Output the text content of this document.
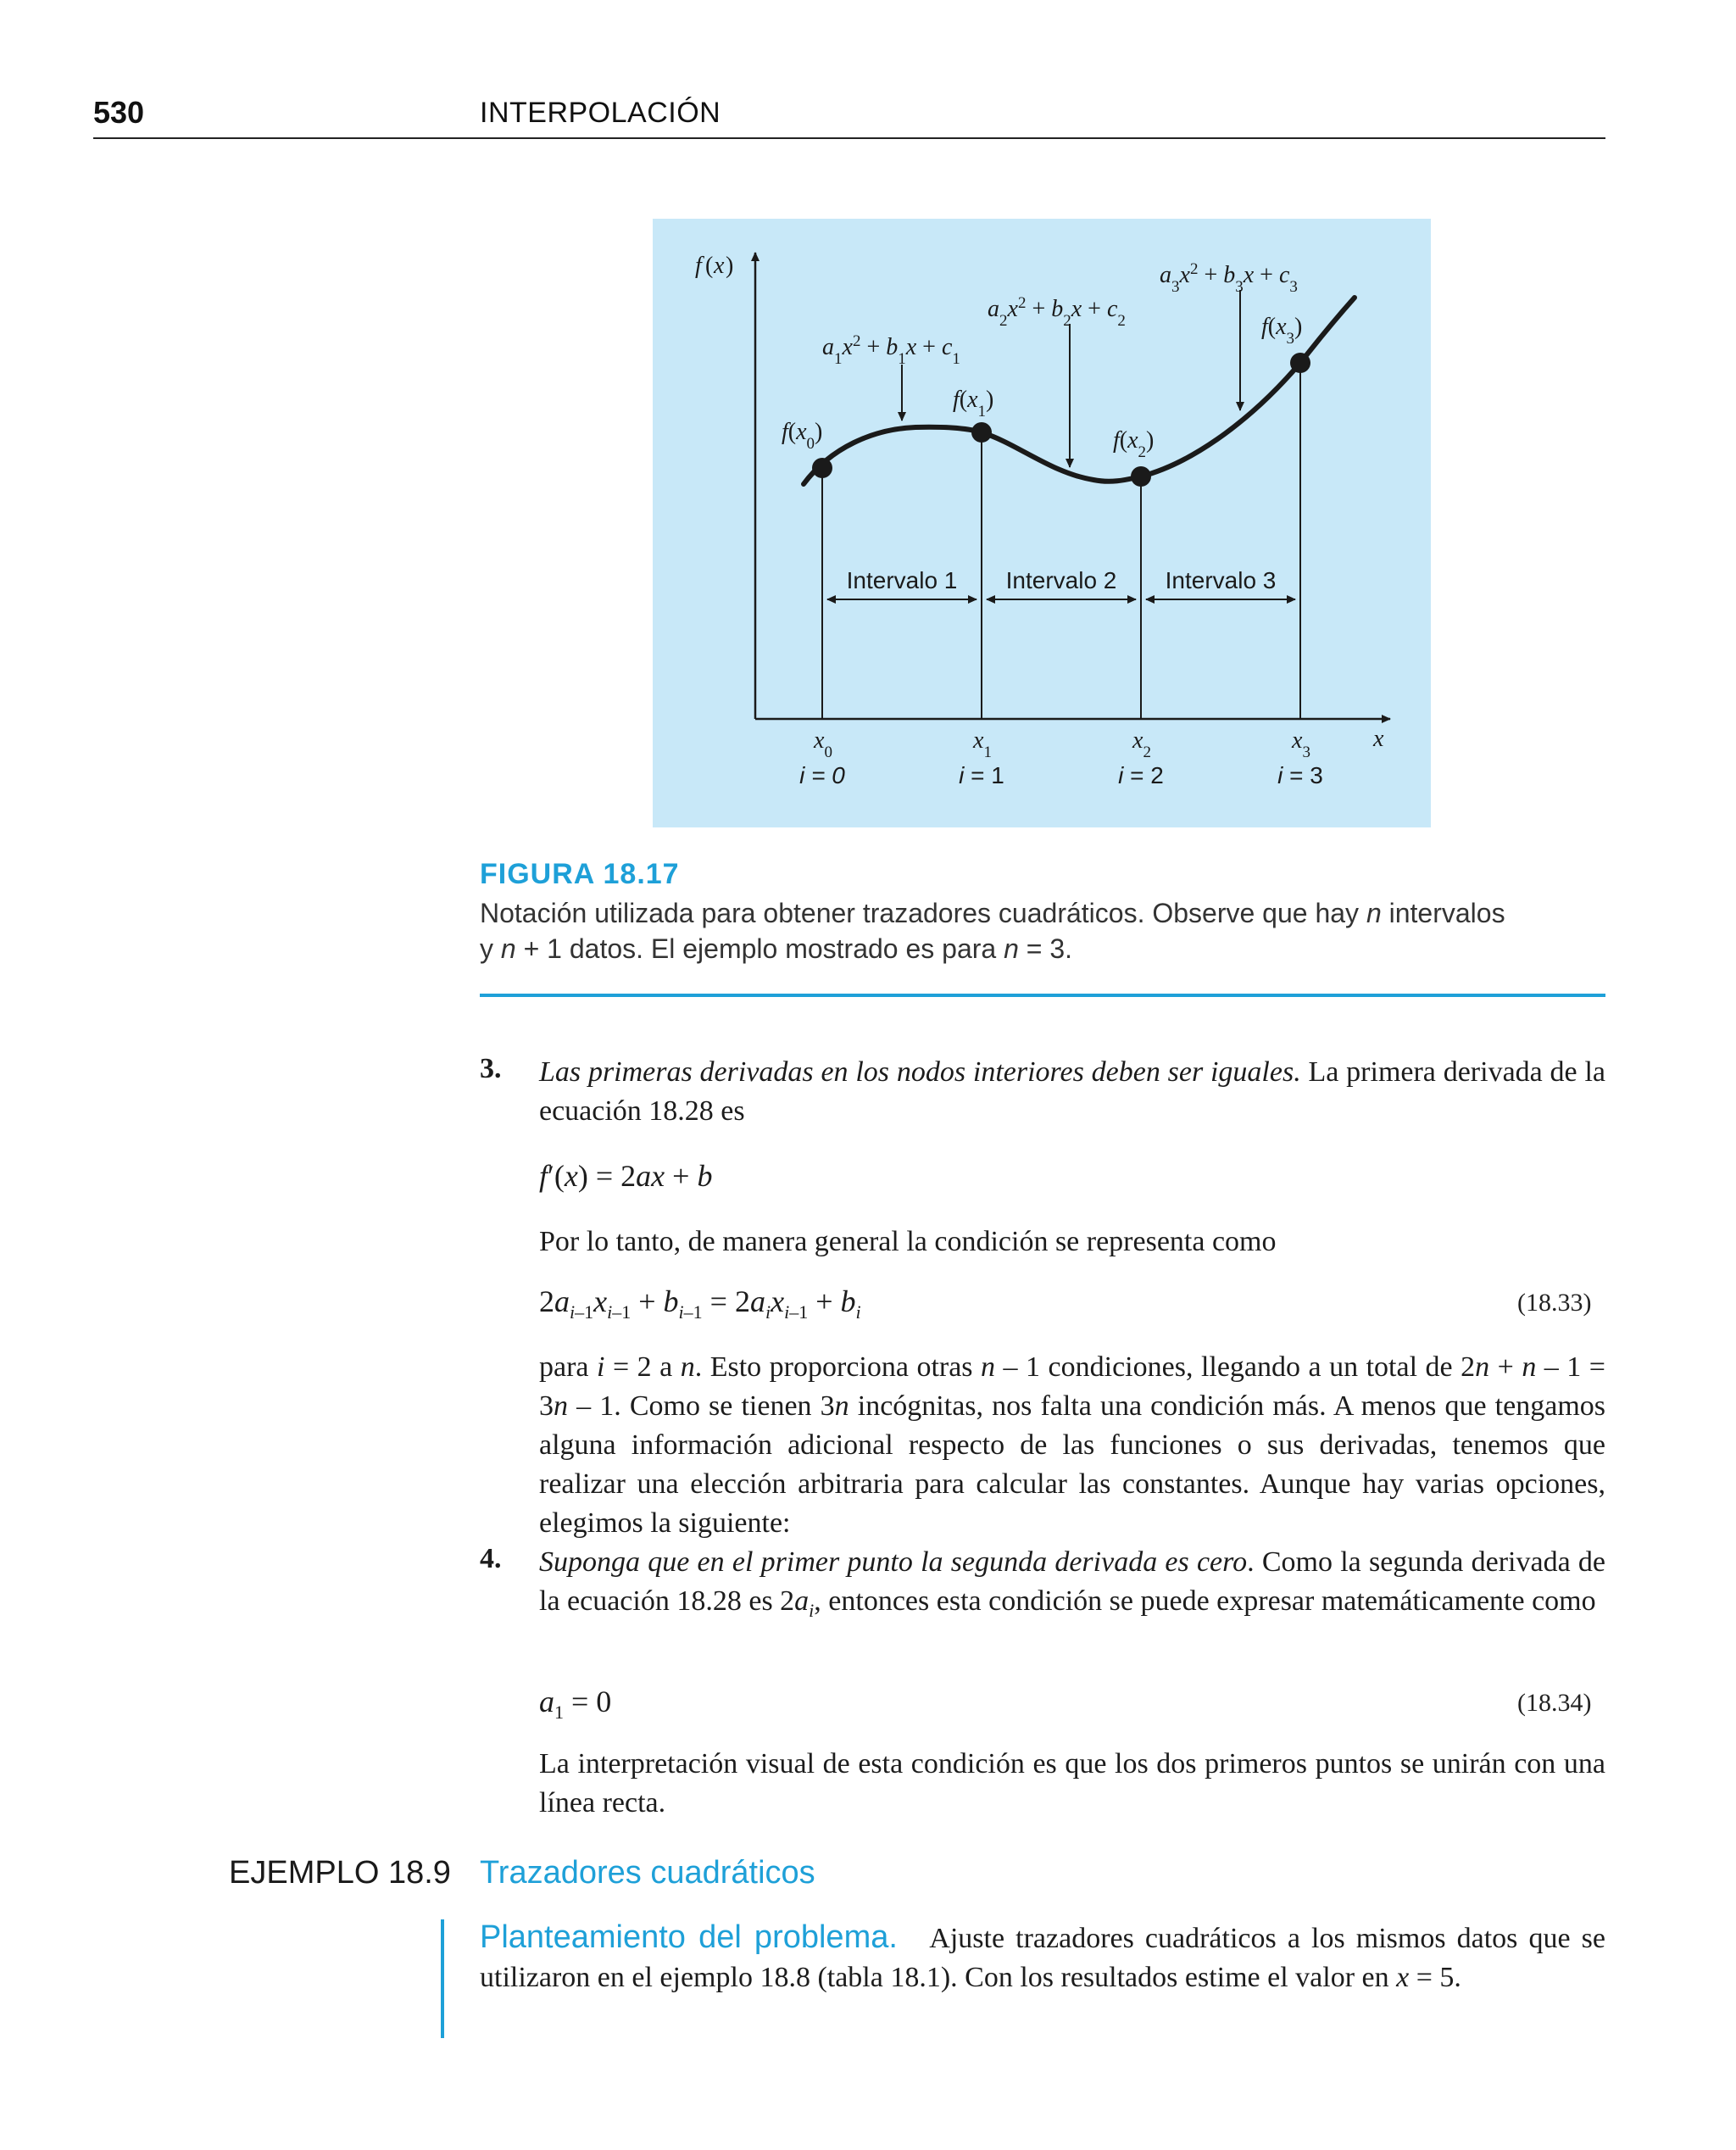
530	INTERPOLACIÓN
f ( x )
x
$a_1x^2 + b_1x + c_1$
$a_2x^2 + b_2x + c_2$
$a_3x^2 + b_3x + c_3$
$f(x_0)$
$f(x_1)$
$f(x_2)$
$f(x_3)$
Intervalo 1 Intervalo 2 Intervalo 3
$x_0$	$x_1$	$x_2$	$x_3$
i = 0	i = 1	i = 2	i = 3
FIGURA 18.17
Notación utilizada para obtener trazadores cuadráticos. Observe que hay n intervalos
y n + 1 datos. El ejemplo mostrado es para n = 3.
3. Las primeras derivadas en los nodos interiores deben ser iguales. La primera derivada de la ecuación 18.28 es
f′(x) = 2ax + b
Por lo tanto, de manera general la condición se representa como
$2a_{i-1}x_{i-1} + b_{i-1} = 2a_ix_{i-1} + b_i$	(18.33)
para i = 2 a n. Esto proporciona otras n – 1 condiciones, llegando a un total de 2n + n – 1 = 3n – 1. Como se tienen 3n incógnitas, nos falta una condición más. A menos que tengamos alguna información adicional respecto de las funciones o sus derivadas, tenemos que realizar una elección arbitraria para calcular las constantes. Aunque hay varias opciones, elegimos la siguiente:
4. Suponga que en el primer punto la segunda derivada es cero. Como la segunda derivada de la ecuación 18.28 es $2a_i$, entonces esta condición se puede expresar matemáticamente como
$a_1 = 0$	(18.34)
La interpretación visual de esta condición es que los dos primeros puntos se unirán con una línea recta.
EJEMPLO 18.9 Trazadores cuadráticos
Planteamiento del problema.   Ajuste trazadores cuadráticos a los mismos datos que se utilizaron en el ejemplo 18.8 (tabla 18.1). Con los resultados estime el valor en x = 5.
